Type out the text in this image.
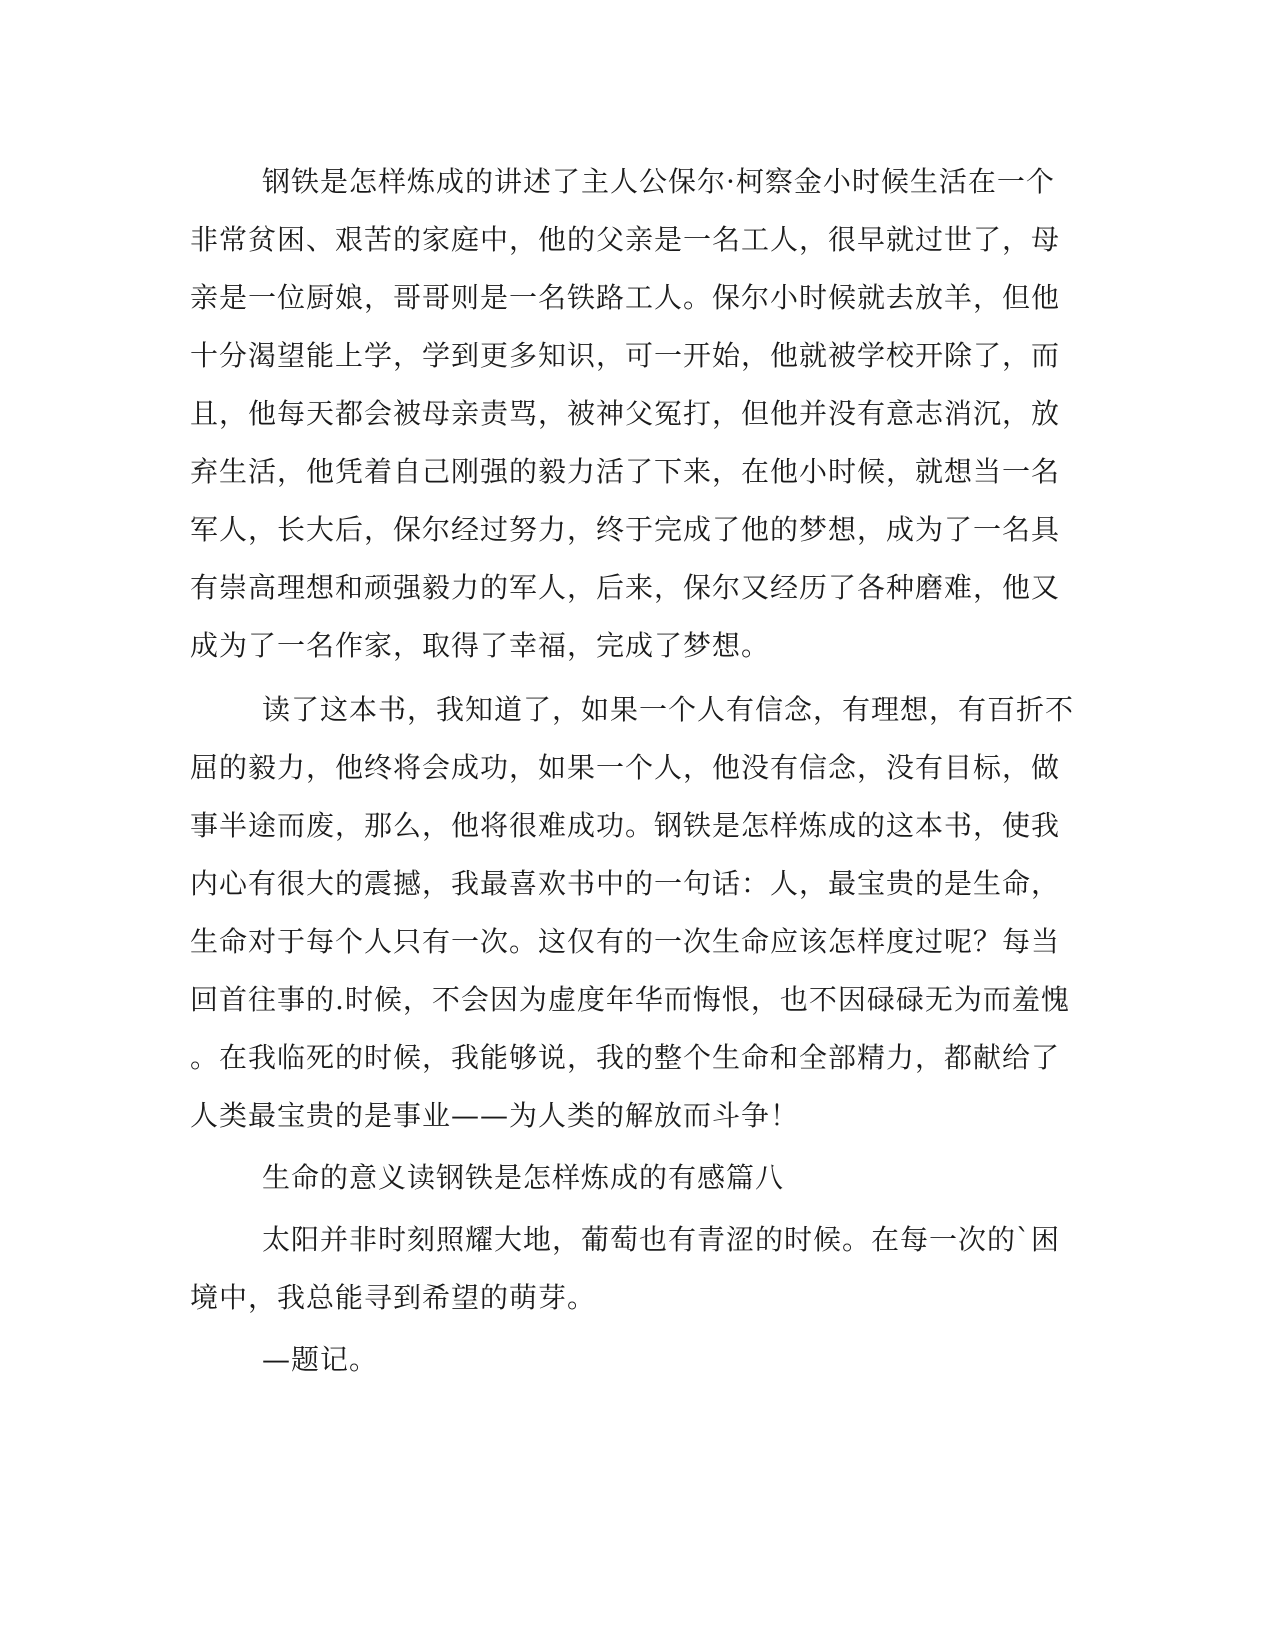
钢铁是怎样炼成的讲述了主人公保尔·柯察金小时候生活在一个
非常贫困、艰苦的家庭中，他的父亲是一名工人，很早就过世了，母
亲是一位厨娘，哥哥则是一名铁路工人。保尔小时候就去放羊，但他
十分渴望能上学，学到更多知识，可一开始，他就被学校开除了，而
且，他每天都会被母亲责骂，被神父冤打，但他并没有意志消沉，放
弃生活，他凭着自己刚强的毅力活了下来，在他小时候，就想当一名
军人，长大后，保尔经过努力，终于完成了他的梦想，成为了一名具
有崇高理想和顽强毅力的军人，后来，保尔又经历了各种磨难，他又
成为了一名作家，取得了幸福，完成了梦想。
读了这本书，我知道了，如果一个人有信念，有理想，有百折不
屈的毅力，他终将会成功，如果一个人，他没有信念，没有目标，做
事半途而废，那么，他将很难成功。钢铁是怎样炼成的这本书，使我
内心有很大的震撼，我最喜欢书中的一句话：人，最宝贵的是生命，
生命对于每个人只有一次。这仅有的一次生命应该怎样度过呢？每当
回首往事的.时候，不会因为虚度年华而悔恨，也不因碌碌无为而羞愧
。在我临死的时候，我能够说，我的整个生命和全部精力，都献给了
人类最宝贵的是事业——为人类的解放而斗争！
生命的意义读钢铁是怎样炼成的有感篇八
太阳并非时刻照耀大地，葡萄也有青涩的时候。在每一次的`困
境中，我总能寻到希望的萌芽。
—题记。
